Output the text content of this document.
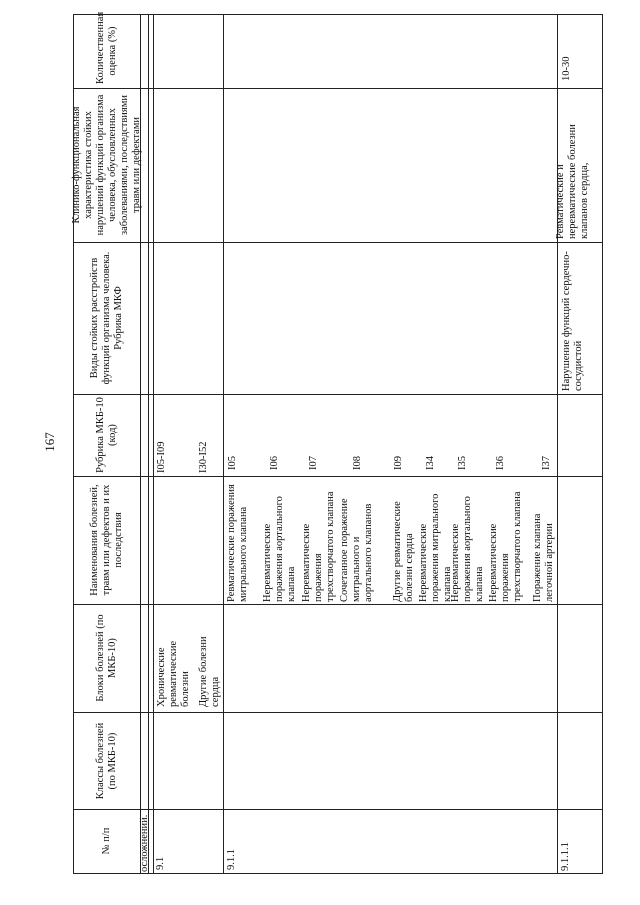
167
Количественная оценка (%)
Клинико-функциональная характеристика стойких нарушений функций организма человека, обусловленных заболеваниями, последствиями травм или дефектами
Виды стойких расстройств функций организма человека. Рубрика МКФ
Рубрика МКБ-10 (код)
Наименования болезней, травм или дефектов и их последствия
Блоки болезней (по МКБ-10)
Классы болезней (по МКБ-10)
№ п/п	осложнений. 9.1
Хронические ревматические болезни Другие болезни сердца
I05-I09	I30-I52
9.1.1
Ревматические поражения митрального клапана
I05
Неревматические поражения аортального клапана
I06
Неревматические поражения трехстворчатого клапана
I07
Сочетанное поражение митрального и аортального клапанов
I08
Другие ревматические болезни сердца
I09
Неревматические поражения митрального клапана
I34
Неревматические поражения аортального клапана
I35
Неревматические поражения трехстворчатого клапана
I36
Поражение клапана легочной артерии
I37
9.1.1.1
Нарушение функций сердечно-сосудистой
Ревматические и неревматические болезни клапанов сердца,
10-30
